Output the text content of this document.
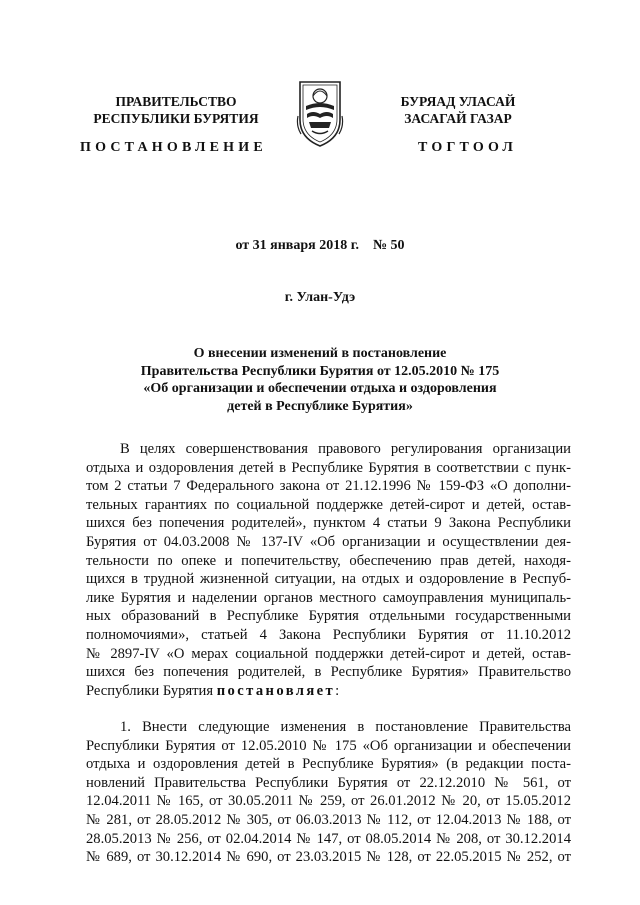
ПРАВИТЕЛЬСТВО
РЕСПУБЛИКИ БУРЯТИЯ
БУРЯАД УЛАСАЙ
ЗАСАГАЙ ГАЗАР
ПОСТАНОВЛЕНИЕ	ТОГТООЛ
от 31 января 2018 г.    № 50
г. Улан-Удэ
О внесении изменений в постановление
Правительства Республики Бурятия от 12.05.2010 № 175
«Об организации и обеспечении отдыха и оздоровления
детей в Республике Бурятия»
В целях совершенствования правового регулирования организации
отдыха и оздоровления детей в Республике Бурятия в соответствии с пунк-
том 2 статьи 7 Федерального закона от 21.12.1996 № 159-ФЗ «О дополни-
тельных гарантиях по социальной поддержке детей-сирот и детей, остав-
шихся без попечения родителей», пунктом 4 статьи 9 Закона Республики
Бурятия от 04.03.2008 № 137-IV «Об организации и осуществлении дея-
тельности по опеке и попечительству, обеспечению прав детей, находя-
щихся в трудной жизненной ситуации, на отдых и оздоровление в Респуб-
лике Бурятия и наделении органов местного самоуправления муниципаль-
ных образований в Республике Бурятия отдельными государственными
полномочиями», статьей 4 Закона Республики Бурятия от 11.10.2012
№ 2897-IV «О мерах социальной поддержки детей-сирот и детей, остав-
шихся без попечения родителей, в Республике Бурятия» Правительство
Республики Бурятия постановляет:
1. Внести следующие изменения в постановление Правительства
Республики Бурятия от 12.05.2010 № 175 «Об организации и обеспечении
отдыха и оздоровления детей в Республике Бурятия» (в редакции поста-
новлений Правительства Республики Бурятия от 22.12.2010 № 561, от
12.04.2011 № 165, от 30.05.2011 № 259, от 26.01.2012 № 20, от 15.05.2012
№ 281, от 28.05.2012 № 305, от 06.03.2013 № 112, от 12.04.2013 № 188, от
28.05.2013 № 256, от 02.04.2014 № 147, от 08.05.2014 № 208, от 30.12.2014
№ 689, от 30.12.2014 № 690, от 23.03.2015 № 128, от 22.05.2015 № 252, от
